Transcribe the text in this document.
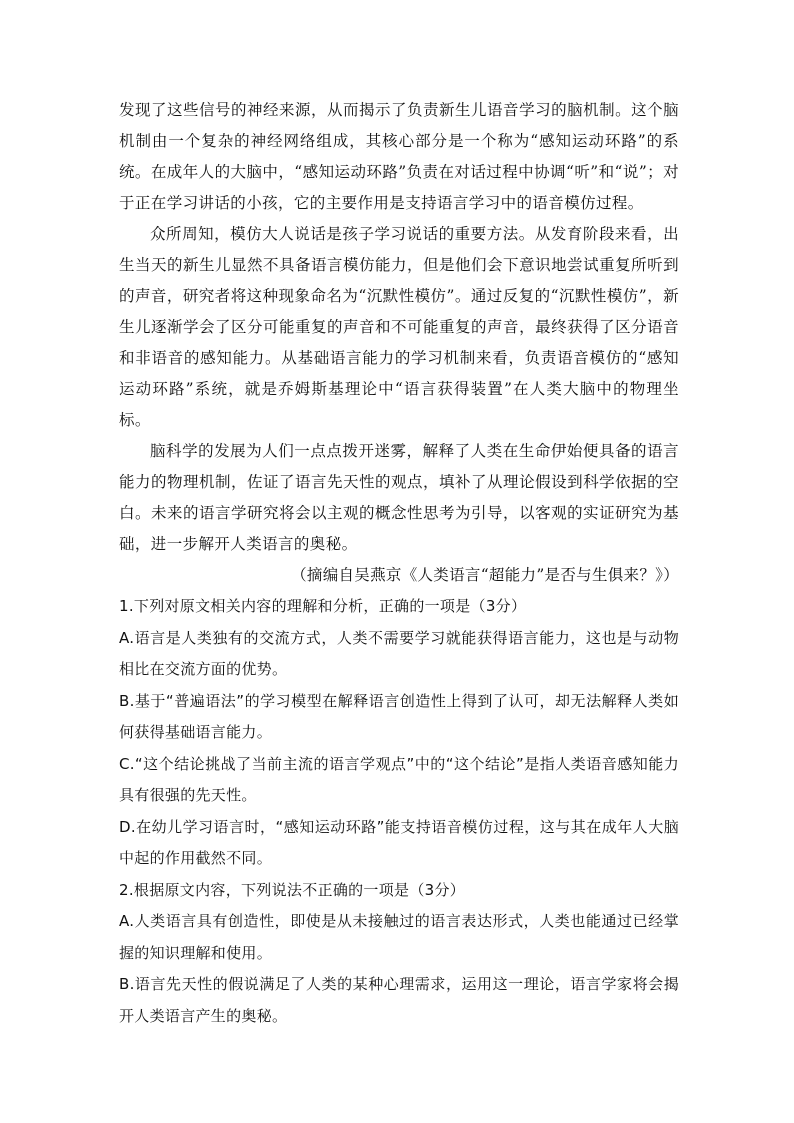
发现了这些信号的神经来源，从而揭示了负责新生儿语音学习的脑机制。这个脑机制由一个复杂的神经网络组成，其核心部分是一个称为“感知运动环路”的系统。在成年人的大脑中，“感知运动环路”负责在对话过程中协调“听”和“说”；对于正在学习讲话的小孩，它的主要作用是支持语言学习中的语音模仿过程。

众所周知，模仿大人说话是孩子学习说话的重要方法。从发育阶段来看，出生当天的新生儿显然不具备语言模仿能力，但是他们会下意识地尝试重复所听到的声音，研究者将这种现象命名为“沉默性模仿”。通过反复的“沉默性模仿”，新生儿逐渐学会了区分可能重复的声音和不可能重复的声音，最终获得了区分语音和非语音的感知能力。从基础语言能力的学习机制来看，负责语音模仿的“感知运动环路”系统，就是乔姆斯基理论中“语言获得装置”在人类大脑中的物理坐标。

脑科学的发展为人们一点点拨开迷雾，解释了人类在生命伊始便具备的语言能力的物理机制，佐证了语言先天性的观点，填补了从理论假设到科学依据的空白。未来的语言学研究将会以主观的概念性思考为引导，以客观的实证研究为基础，进一步解开人类语言的奥秘。

（摘编自吴燕京《人类语言“超能力”是否与生俱来？》）

1.下列对原文相关内容的理解和分析，正确的一项是（3分）

A.语言是人类独有的交流方式，人类不需要学习就能获得语言能力，这也是与动物相比在交流方面的优势。

B.基于“普遍语法”的学习模型在解释语言创造性上得到了认可，却无法解释人类如何获得基础语言能力。

C.“这个结论挑战了当前主流的语言学观点”中的“这个结论”是指人类语音感知能力具有很强的先天性。

D.在幼儿学习语言时，“感知运动环路”能支持语音模仿过程，这与其在成年人大脑中起的作用截然不同。

2.根据原文内容，下列说法不正确的一项是（3分）

A.人类语言具有创造性，即使是从未接触过的语言表达形式，人类也能通过已经掌握的知识理解和使用。

B.语言先天性的假说满足了人类的某种心理需求，运用这一理论，语言学家将会揭开人类语言产生的奥秘。
